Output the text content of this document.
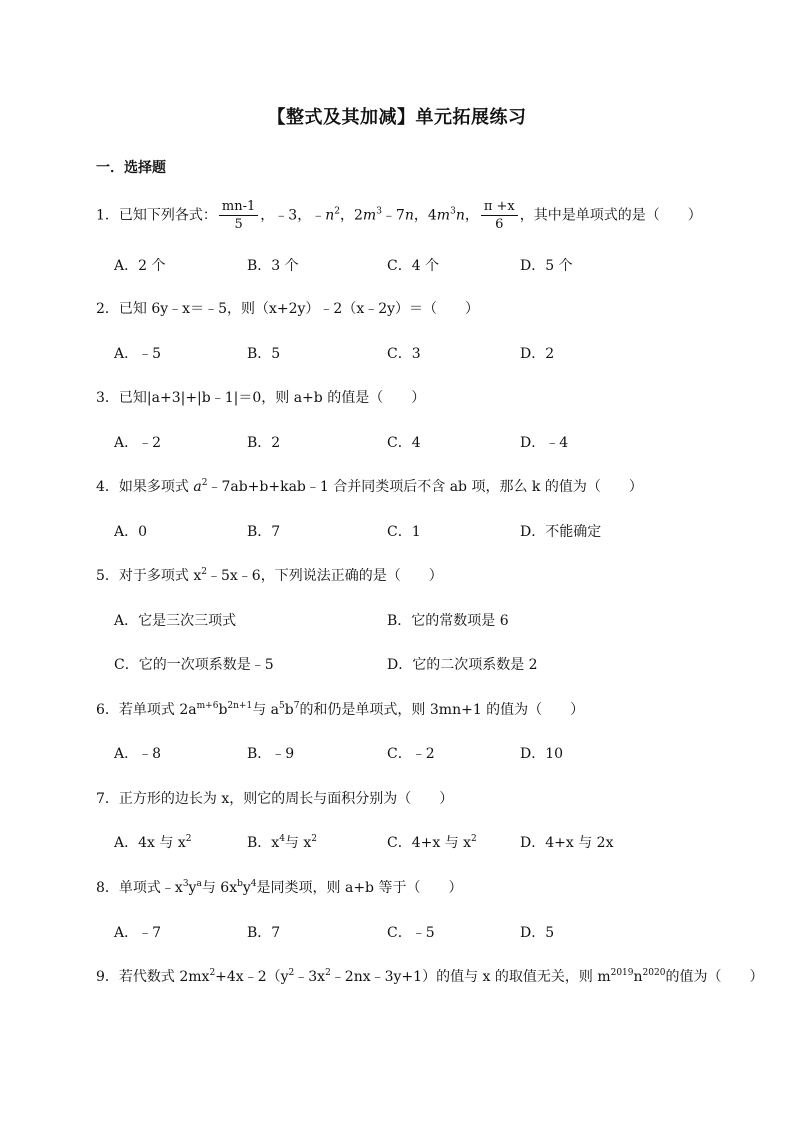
【整式及其加减】单元拓展练习
一．选择题
1．已知下列各式： $\frac{mn-1}{5}$ ，﹣3，$﹣n^2$，$2m^3﹣7n$，$4m^3n$， $\frac{\pi +x}{6}$ ，其中是单项式的是（　　）
A．2 个	B．3 个	C．4 个	D．5 个
2．已知 6y﹣x＝﹣5，则（x+2y）﹣2（x﹣2y）＝（　　）
A．﹣5	B．5	C．3	D．2
3．已知|a+3|+|b﹣1|＝0，则 a+b 的值是（　　）
A．﹣2	B．2	C．4	D．﹣4
4．如果多项式 $a^2﹣7ab+b+kab﹣1$ 合并同类项后不含 ab 项，那么 k 的值为（　　）
A．0	B．7	C．1	D．不能确定
5．对于多项式 $x^2﹣5x﹣6$，下列说法正确的是（　　）
A．它是三次三项式	B．它的常数项是 6
C．它的一次项系数是﹣5	D．它的二次项系数是 2
6．若单项式 $2a^{m+6}b^{2n+1}$与 $a^5b^7$的和仍是单项式，则 3mn+1 的值为（　　）
A．﹣8	B．﹣9	C．﹣2	D．10
7．正方形的边长为 x，则它的周长与面积分别为（　　）
A．4x 与 $x^2$	B．$x^4$与 $x^2$	C．4+x 与 $x^2$	D．4+x 与 2x
8．单项式$﹣x^3y^a$与 $6x^by^4$是同类项，则 a+b 等于（　　）
A．﹣7	B．7	C．﹣5	D．5
9．若代数式 $2mx^2+4x﹣2(y^2﹣3x^2﹣2nx﹣3y+1)$的值与 x 的取值无关，则 $m^{2019}n^{2020}$的值为（　　）
